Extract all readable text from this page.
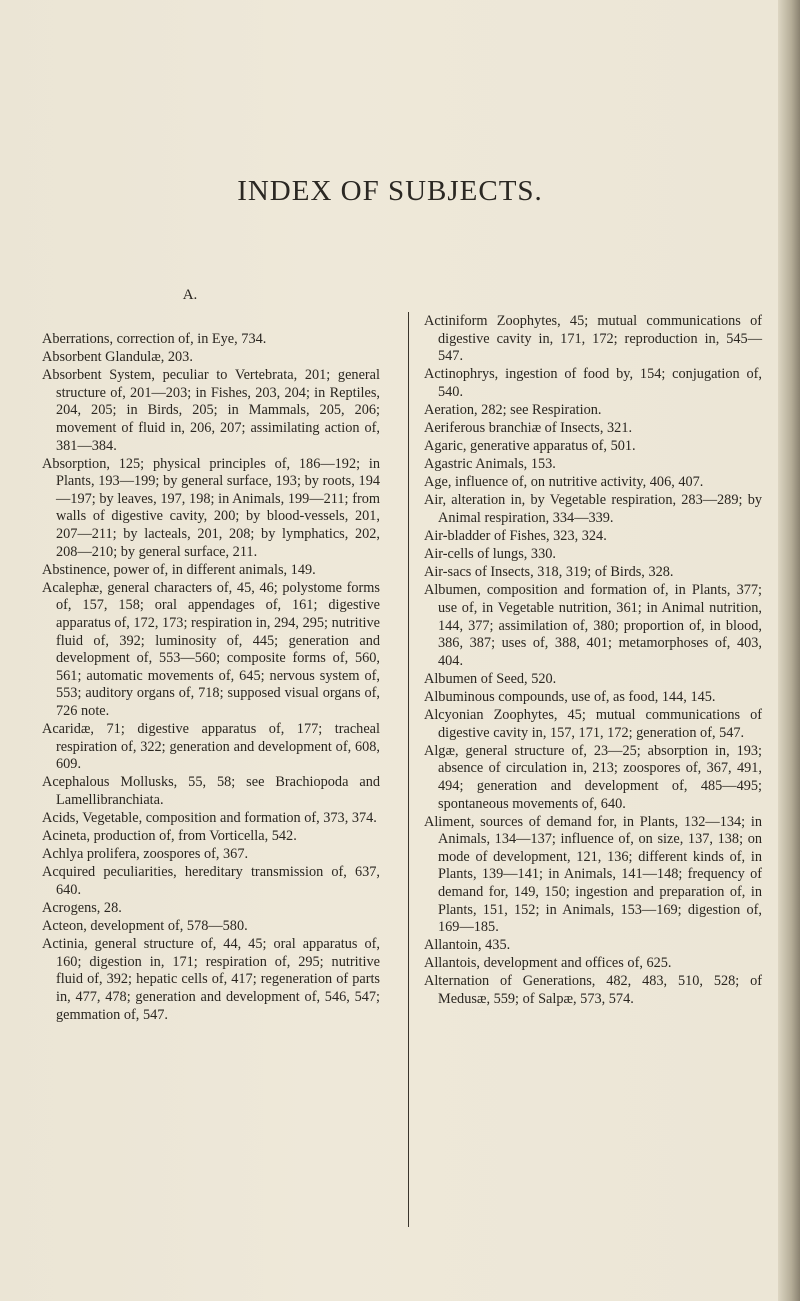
INDEX OF SUBJECTS.
A.

Aberrations, correction of, in Eye, 734.

Absorbent Glandulæ, 203.

Absorbent System, peculiar to Vertebrata, 201; general structure of, 201—203; in Fishes, 203, 204; in Reptiles, 204, 205; in Birds, 205; in Mammals, 205, 206; movement of fluid in, 206, 207; assimilating action of, 381—384.

Absorption, 125; physical principles of, 186—192; in Plants, 193—199; by general surface, 193; by roots, 194—197; by leaves, 197, 198; in Animals, 199—211; from walls of digestive cavity, 200; by blood-vessels, 201, 207—211; by lacteals, 201, 208; by lymphatics, 202, 208—210; by general surface, 211.

Abstinence, power of, in different animals, 149.

Acalephæ, general characters of, 45, 46; polystome forms of, 157, 158; oral appendages of, 161; digestive apparatus of, 172, 173; respiration in, 294, 295; nutritive fluid of, 392; luminosity of, 445; generation and development of, 553—560; composite forms of, 560, 561; automatic movements of, 645; nervous system of, 553; auditory organs of, 718; supposed visual organs of, 726 note.

Acaridæ, 71; digestive apparatus of, 177; tracheal respiration of, 322; generation and development of, 608, 609.

Acephalous Mollusks, 55, 58; see Brachiopoda and Lamellibranchiata.

Acids, Vegetable, composition and formation of, 373, 374.

Acineta, production of, from Vorticella, 542.

Achlya prolifera, zoospores of, 367.

Acquired peculiarities, hereditary transmission of, 637, 640.

Acrogens, 28.

Acteon, development of, 578—580.

Actinia, general structure of, 44, 45; oral apparatus of, 160; digestion in, 171; respiration of, 295; nutritive fluid of, 392; hepatic cells of, 417; regeneration of parts in, 477, 478; generation and development of, 546, 547; gemmation of, 547.

Actiniform Zoophytes, 45; mutual communications of digestive cavity in, 171, 172; reproduction in, 545—547.

Actinophrys, ingestion of food by, 154; conjugation of, 540.

Aeration, 282; see Respiration.

Aeriferous branchiæ of Insects, 321.

Agaric, generative apparatus of, 501.

Agastric Animals, 153.

Age, influence of, on nutritive activity, 406, 407.

Air, alteration in, by Vegetable respiration, 283—289; by Animal respiration, 334—339.

Air-bladder of Fishes, 323, 324.

Air-cells of lungs, 330.

Air-sacs of Insects, 318, 319; of Birds, 328.

Albumen, composition and formation of, in Plants, 377; use of, in Vegetable nutrition, 361; in Animal nutrition, 144, 377; assimilation of, 380; proportion of, in blood, 386, 387; uses of, 388, 401; metamorphoses of, 403, 404.

Albumen of Seed, 520.

Albuminous compounds, use of, as food, 144, 145.

Alcyonian Zoophytes, 45; mutual communications of digestive cavity in, 157, 171, 172; generation of, 547.

Algæ, general structure of, 23—25; absorption in, 193; absence of circulation in, 213; zoospores of, 367, 491, 494; generation and development of, 485—495; spontaneous movements of, 640.

Aliment, sources of demand for, in Plants, 132—134; in Animals, 134—137; influence of, on size, 137, 138; on mode of development, 121, 136; different kinds of, in Plants, 139—141; in Animals, 141—148; frequency of demand for, 149, 150; ingestion and preparation of, in Plants, 151, 152; in Animals, 153—169; digestion of, 169—185.

Allantoin, 435.

Allantois, development and offices of, 625.

Alternation of Generations, 482, 483, 510, 528; of Medusæ, 559; of Salpæ, 573, 574.
